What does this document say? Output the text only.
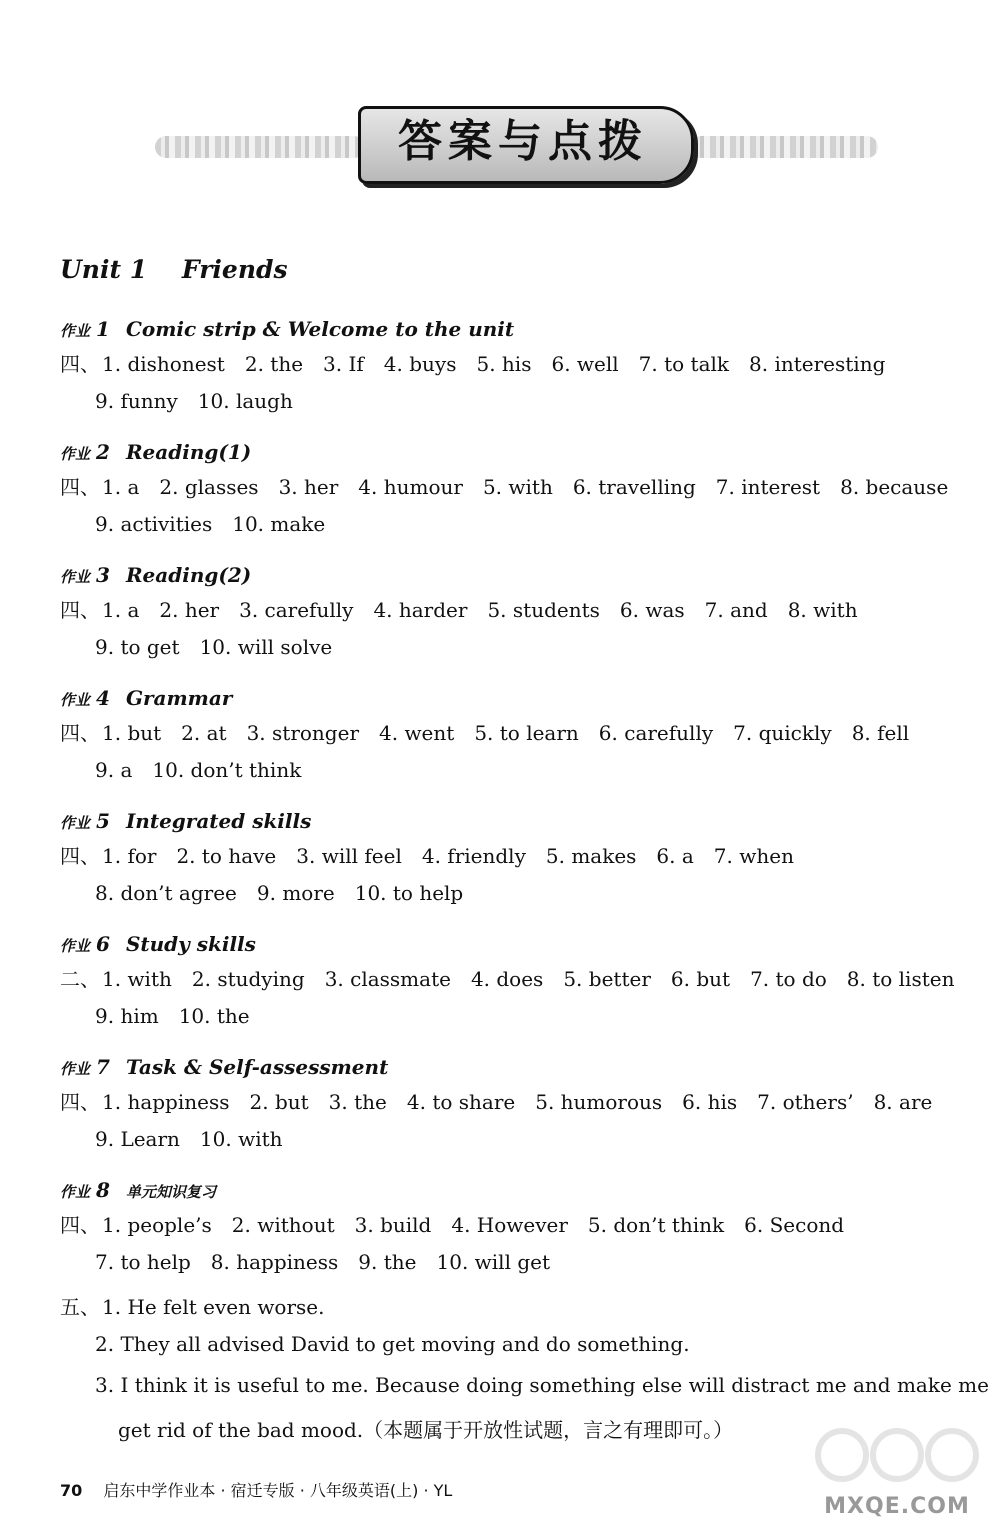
答案与点拨
Unit 1    Friends
作业 1 Comic strip & Welcome to the unit
四、 1. dishonest 2. the 3. If 4. buys 5. his 6. well 7. to talk 8. interesting
9. funny 10. laugh
作业 2 Reading(1)
四、 1. a 2. glasses 3. her 4. humour 5. with 6. travelling 7. interest 8. because
9. activities 10. make
作业 3 Reading(2)
四、 1. a 2. her 3. carefully 4. harder 5. students 6. was 7. and 8. with
9. to get 10. will solve
作业 4 Grammar
四、 1. but 2. at 3. stronger 4. went 5. to learn 6. carefully 7. quickly 8. fell
9. a 10. don’t think
作业 5 Integrated skills
四、 1. for 2. to have 3. will feel 4. friendly 5. makes 6. a 7. when
8. don’t agree 9. more 10. to help
作业 6 Study skills
二、 1. with 2. studying 3. classmate 4. does 5. better 6. but 7. to do 8. to listen
9. him 10. the
作业 7 Task & Self-assessment
四、 1. happiness 2. but 3. the 4. to share 5. humorous 6. his 7. others’ 8. are
9. Learn 10. with
作业 8 单元知识复习
四、 1. people’s 2. without 3. build 4. However 5. don’t think 6. Second
7. to help 8. happiness 9. the 10. will get
五、 1. He felt even worse.
2. They all advised David to get moving and do something.
3. I think it is useful to me. Because doing something else will distract me and make me
get rid of the bad mood.（本题属于开放性试题，言之有理即可。）
70 启东中学作业本 · 宿迁专版 · 八年级英语(上) · YL
MXQE.COM
